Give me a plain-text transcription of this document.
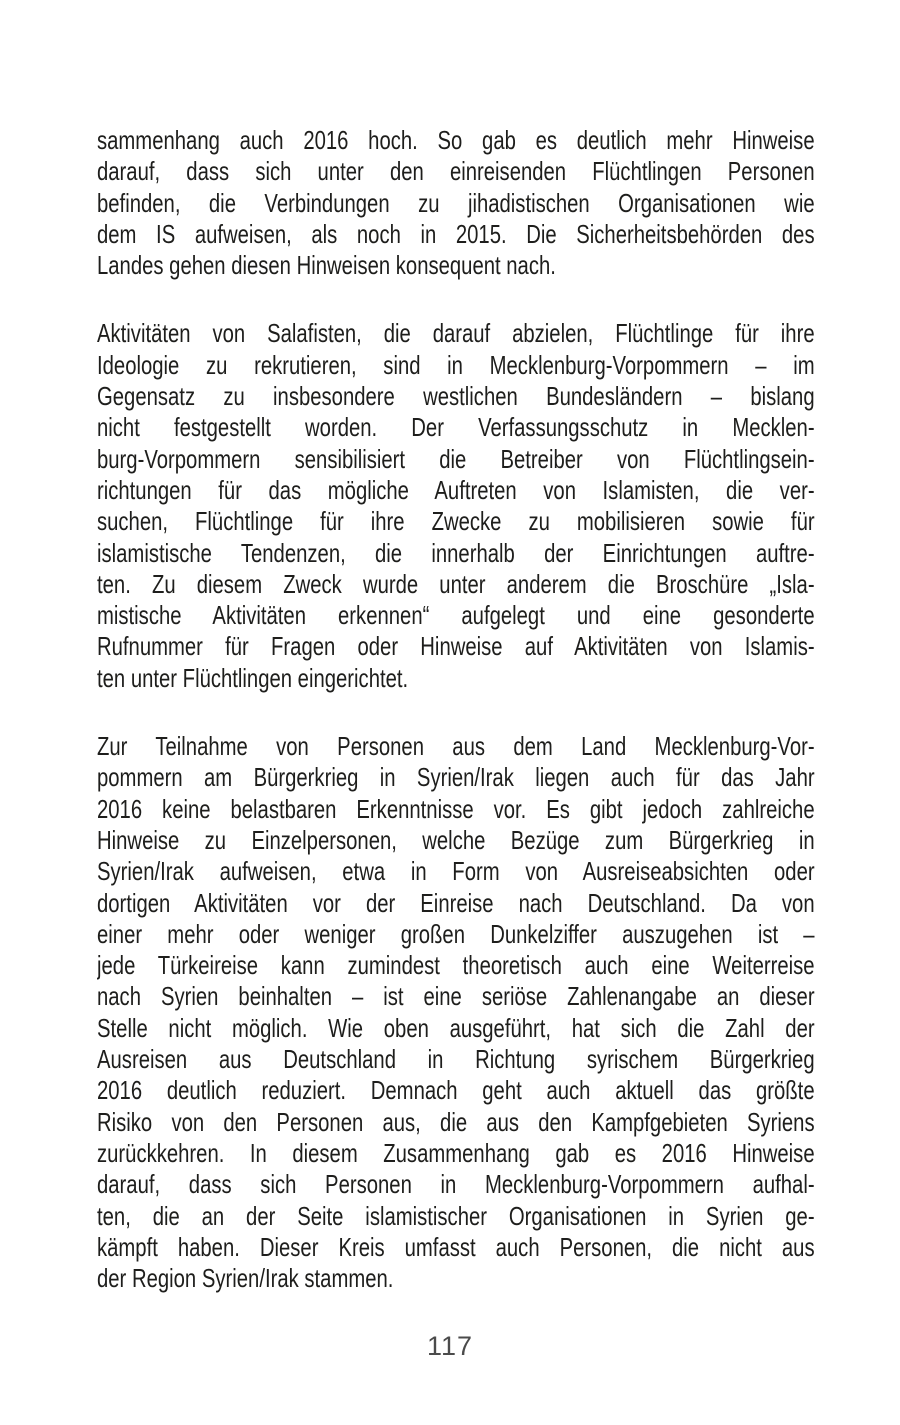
sammenhang auch 2016 hoch. So gab es deutlich mehr Hinweise
darauf, dass sich unter den einreisenden Flüchtlingen Personen
befinden, die Verbindungen zu jihadistischen Organisationen wie
dem IS aufweisen, als noch in 2015. Die Sicherheitsbehörden des
Landes gehen diesen Hinweisen konsequent nach.
Aktivitäten von Salafisten, die darauf abzielen, Flüchtlinge für ihre
Ideologie zu rekrutieren, sind in Mecklenburg-Vorpommern – im
Gegensatz zu insbesondere westlichen Bundesländern – bislang
nicht festgestellt worden. Der Verfassungsschutz in Mecklen-
burg-Vorpommern sensibilisiert die Betreiber von Flüchtlingsein-
richtungen für das mögliche Auftreten von Islamisten, die ver-
suchen, Flüchtlinge für ihre Zwecke zu mobilisieren sowie für
islamistische Tendenzen, die innerhalb der Einrichtungen auftre-
ten. Zu diesem Zweck wurde unter anderem die Broschüre „Isla-
mistische Aktivitäten erkennen“ aufgelegt und eine gesonderte
Rufnummer für Fragen oder Hinweise auf Aktivitäten von Islamis-
ten unter Flüchtlingen eingerichtet.
Zur Teilnahme von Personen aus dem Land Mecklenburg-Vor-
pommern am Bürgerkrieg in Syrien/Irak liegen auch für das Jahr
2016 keine belastbaren Erkenntnisse vor. Es gibt jedoch zahlreiche
Hinweise zu Einzelpersonen, welche Bezüge zum Bürgerkrieg in
Syrien/Irak aufweisen, etwa in Form von Ausreiseabsichten oder
dortigen Aktivitäten vor der Einreise nach Deutschland. Da von
einer mehr oder weniger großen Dunkelziffer auszugehen ist –
jede Türkeireise kann zumindest theoretisch auch eine Weiterreise
nach Syrien beinhalten – ist eine seriöse Zahlenangabe an dieser
Stelle nicht möglich. Wie oben ausgeführt, hat sich die Zahl der
Ausreisen aus Deutschland in Richtung syrischem Bürgerkrieg
2016 deutlich reduziert. Demnach geht auch aktuell das größte
Risiko von den Personen aus, die aus den Kampfgebieten Syriens
zurückkehren. In diesem Zusammenhang gab es 2016 Hinweise
darauf, dass sich Personen in Mecklenburg-Vorpommern aufhal-
ten, die an der Seite islamistischer Organisationen in Syrien ge-
kämpft haben. Dieser Kreis umfasst auch Personen, die nicht aus
der Region Syrien/Irak stammen.
117
